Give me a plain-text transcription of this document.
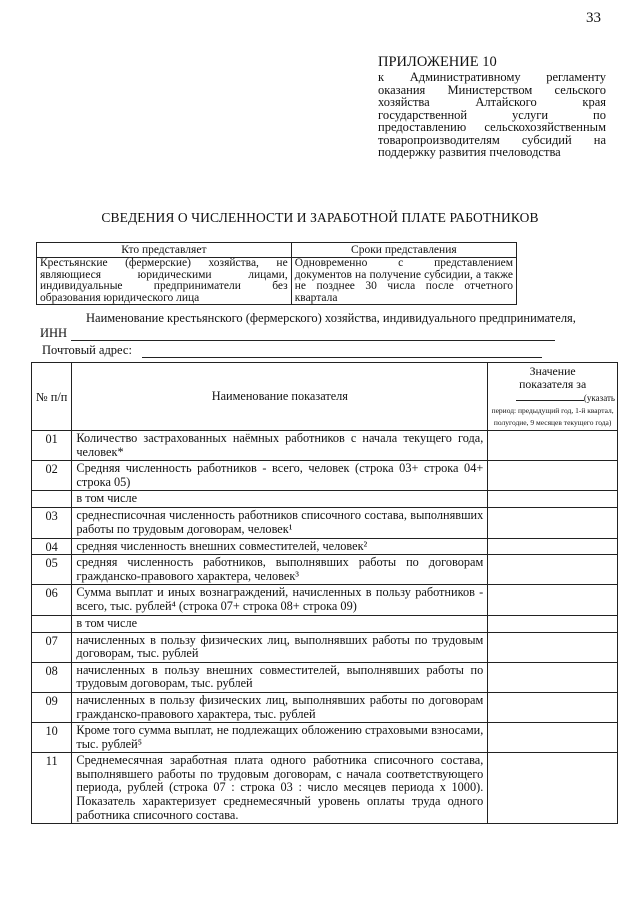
33
ПРИЛОЖЕНИЕ 10
к Административному регламенту оказания Министерством сельского хозяйства Алтайского края государственной услуги по предоставлению сельскохозяйственным товаропроизводителям субсидий на поддержку развития пчеловодства
СВЕДЕНИЯ О ЧИСЛЕННОСТИ И ЗАРАБОТНОЙ ПЛАТЕ РАБОТНИКОВ
Кто представляет	Сроки представления
Крестьянские (фермерские) хозяйства, не являющиеся юридическими лицами, индивидуальные предприниматели без образования юридического лица	Одновременно с представлением документов на получение субсидии, а также не позднее 30 числа после отчетного квартала
Наименование крестьянского (фермерского) хозяйства, индивидуального предпринимателя,
ИНН
Почтовый адрес:
№ п/п	Наименование показателя	Значение
показателя за
(указать
период: предыдущий год, 1-й квартал, полугодие, 9 месяцев текущего года)

01	Количество застрахованных наёмных работников с начала текущего года, человек*	
02	Средняя численность работников - всего, человек (строка 03+ строка 04+ строка 05)	
	в том числе	
03	среднесписочная численность работников списочного состава, выполнявших работы по трудовым договорам, человек¹	
04	средняя численность внешних совместителей, человек²	
05	средняя численность работников, выполнявших работы по договорам гражданско-правового характера, человек³	
06	Сумма выплат и иных вознаграждений, начисленных в пользу работников - всего, тыс. рублей⁴ (строка 07+ строка 08+ строка 09)	
	в том числе	
07	начисленных в пользу физических лиц, выполнявших работы по трудовым договорам, тыс. рублей	
08	начисленных в пользу внешних совместителей, выполнявших работы по трудовым договорам, тыс. рублей	
09	начисленных в пользу физических лиц, выполнявших работы по договорам гражданско-правового характера, тыс. рублей	
10	Кроме того сумма выплат, не подлежащих обложению страховыми взносами, тыс. рублей⁵	
11	Среднемесячная заработная плата одного работника списочного состава, выполнявшего работы по трудовым договорам, с начала соответствующего периода, рублей (строка 07 : строка 03 : число месяцев периода x 1000). Показатель характеризует среднемесячный уровень оплаты труда одного работника списочного состава.	
